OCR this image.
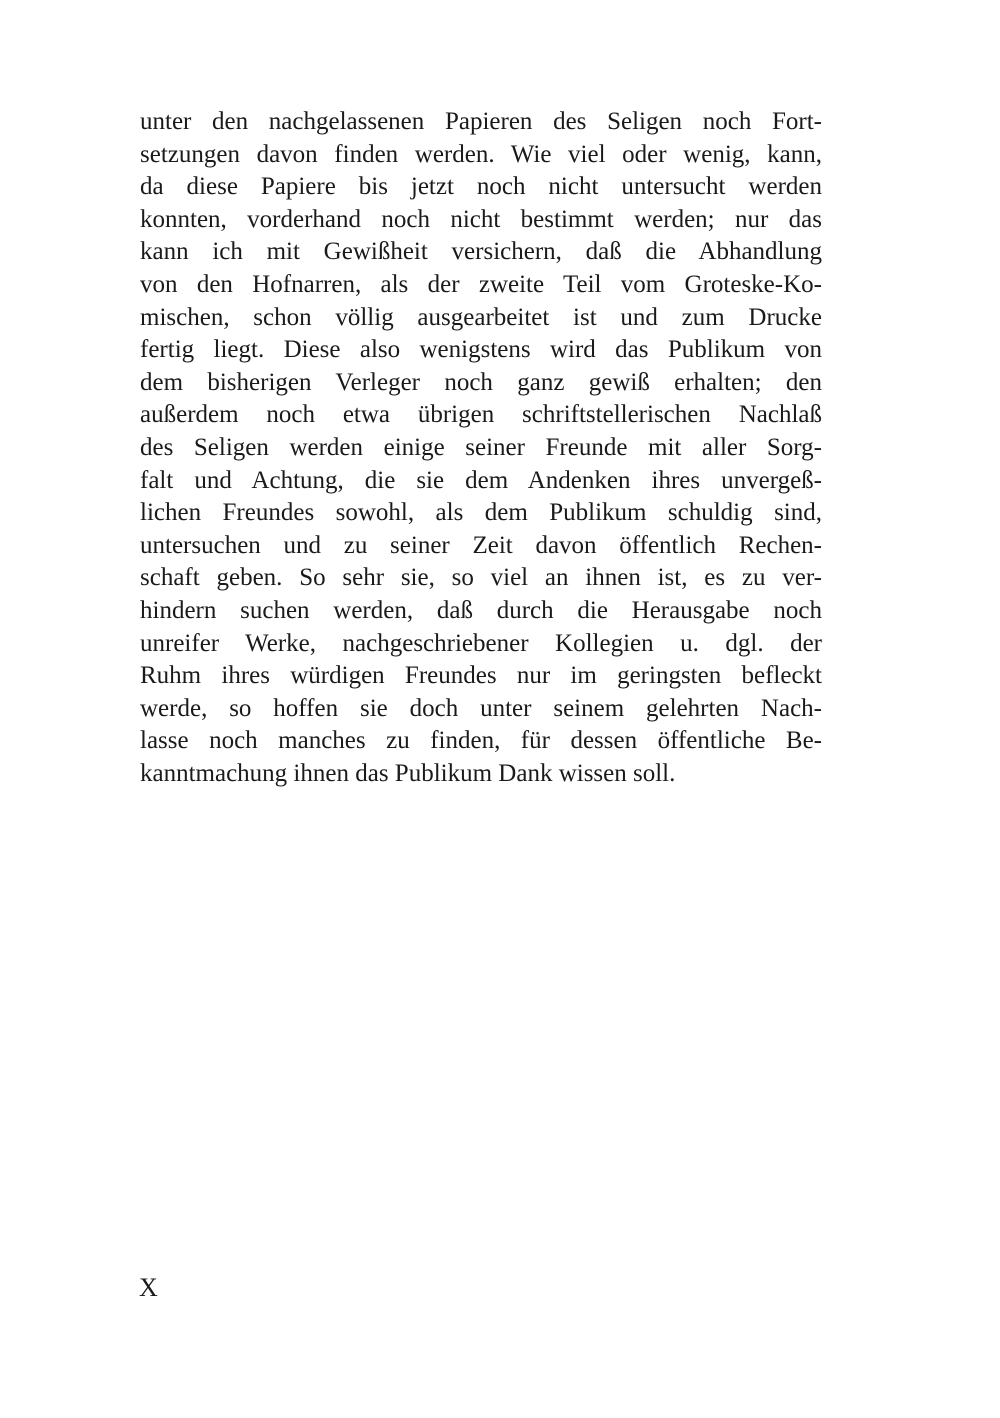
unter den nachgelassenen Papieren des Seligen noch Fort-
setzungen davon finden werden. Wie viel oder wenig, kann,
da diese Papiere bis jetzt noch nicht untersucht werden
konnten, vorderhand noch nicht bestimmt werden; nur das
kann ich mit Gewißheit versichern, daß die Abhandlung
von den Hofnarren, als der zweite Teil vom Groteske-Ko-
mischen, schon völlig ausgearbeitet ist und zum Drucke
fertig liegt. Diese also wenigstens wird das Publikum von
dem bisherigen Verleger noch ganz gewiß erhalten; den
außerdem noch etwa übrigen schriftstellerischen Nachlaß
des Seligen werden einige seiner Freunde mit aller Sorg-
falt und Achtung, die sie dem Andenken ihres unvergeß-
lichen Freundes sowohl, als dem Publikum schuldig sind,
untersuchen und zu seiner Zeit davon öffentlich Rechen-
schaft geben. So sehr sie, so viel an ihnen ist, es zu ver-
hindern suchen werden, daß durch die Herausgabe noch
unreifer Werke, nachgeschriebener Kollegien u. dgl. der
Ruhm ihres würdigen Freundes nur im geringsten befleckt
werde, so hoffen sie doch unter seinem gelehrten Nach-
lasse noch manches zu finden, für dessen öffentliche Be-
kanntmachung ihnen das Publikum Dank wissen soll.
X
